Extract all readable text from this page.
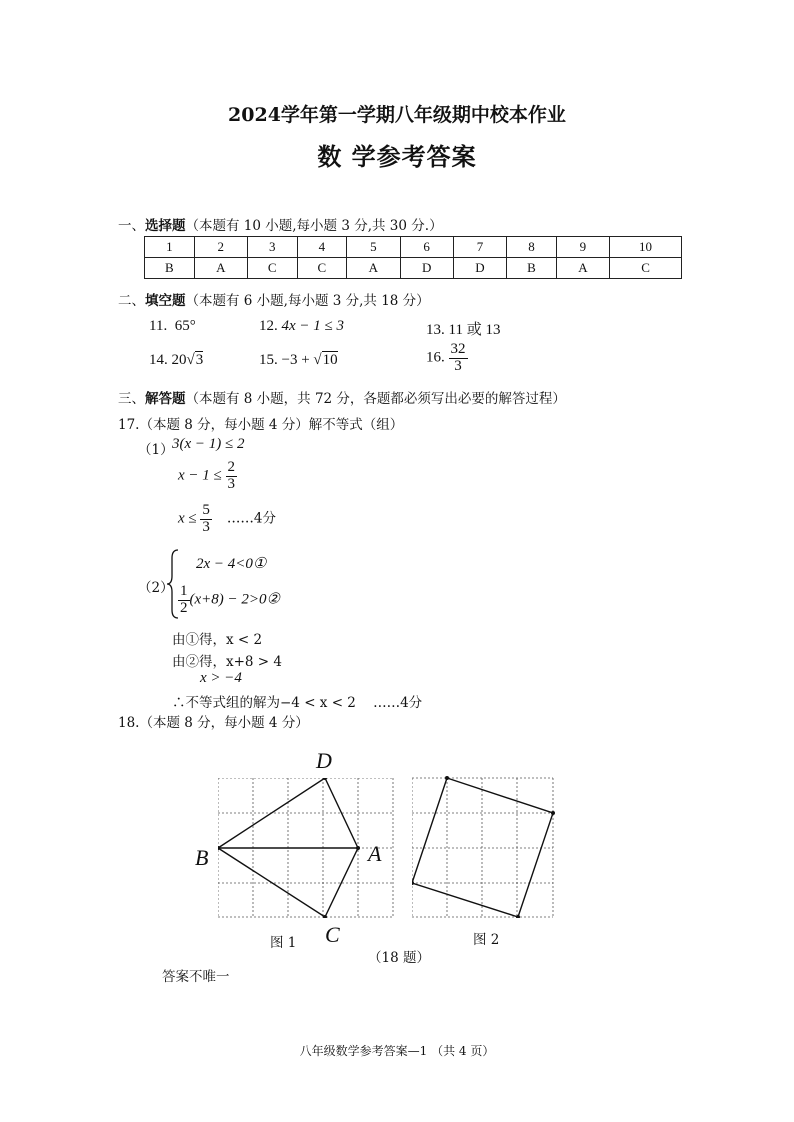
2024学年第一学期八年级期中校本作业
数 学参考答案
一、选择题（本题有 10 小题,每小题 3 分,共 30 分.）
1	2	3	4	5	6	7	8	9	10
B	A	C	C	A	D	D	B	A	C
二、填空题（本题有 6 小题,每小题 3 分,共 18 分）
11. 65°	12. 4x − 1 ≤ 3	13. 11 或 13
14. 20√3	15. −3 + √10	16. $\frac{32}{3}$
三、解答题（本题有 8 小题，共 72 分，各题都必须写出必要的解答过程）
17.（本题 8 分，每小题 4 分）解不等式（组）
（1）
3(x − 1) ≤ 2
$x - 1 \le \frac{2}{3}$
$x \le \frac{5}{3}$ ……4分
（2）
2x − 4<0①
$\frac{1}{2} (x+8)$ − 2>0②
由①得，x < 2
由②得，x+8 > 4
x > −4
∴不等式组的解为−4 < x < 2 ……4分
18.（本题 8 分，每小题 4 分）
D
B	A
C
图 1	图 2
（18 题）
答案不唯一
八年级数学参考答案—1 （共 4 页）
